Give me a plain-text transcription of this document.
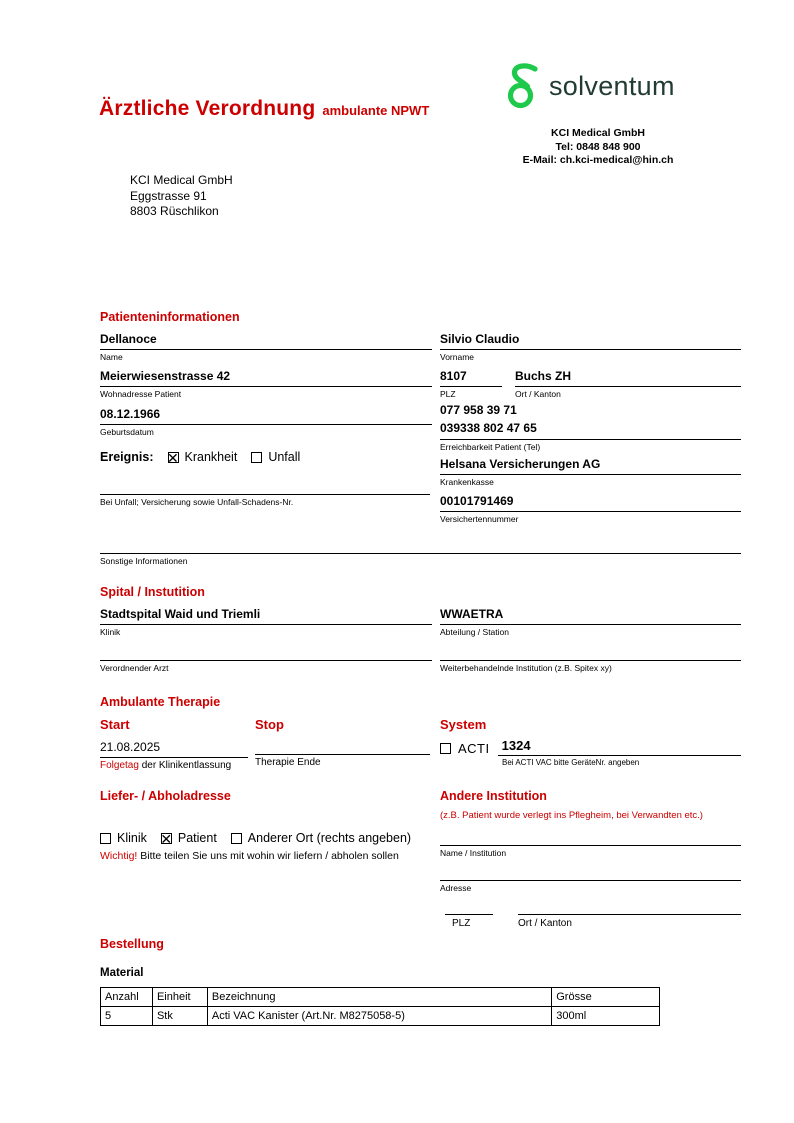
Ärztliche Verordnung ambulante NPWT
solventum
KCI Medical GmbH
Tel: 0848 848 900
E-Mail: ch.kci-medical@hin.ch
KCI Medical GmbH
Eggstrasse 91
8803 Rüschlikon
Patienteninformationen
Dellanoce
Name
Silvio Claudio
Vorname
Meierwiesenstrasse 42
Wohnadresse Patient
8107
PLZ
Buchs ZH
Ort / Kanton
08.12.1966
Geburtsdatum
077 958 39 71
039338 802 47 65
Erreichbarkeit Patient (Tel)
Ereignis: ✕ Krankheit Unfall	Helsana Versicherungen AG
Krankenkasse
Bei Unfall; Versicherung sowie Unfall-Schadens-Nr.	00101791469
Versichertennummer
Sonstige Informationen
Spital / Instutition
Stadtspital Waid und Triemli
Klinik
WWAETRA
Abteilung / Station
Verordnender Arzt	Weiterbehandelnde Institution (z.B. Spitex xy)
Ambulante Therapie
Start	Stop	System
21.08.2025
Folgetag der Klinikentlassung	Therapie Ende
ACTI 1324
Bei ACTI VAC bitte GeräteNr. angeben
Liefer- / Abholadresse
Klinik ✕ Patient Anderer Ort (rechts angeben)
Wichtig! Bitte teilen Sie uns mit wohin wir liefern / abholen sollen
Andere Institution
(z.B. Patient wurde verlegt ins Pflegheim, bei Verwandten etc.)
Name / Institution
Adresse
PLZ	Ort / Kanton
Bestellung
Material
Anzahl	Einheit	Bezeichnung	Grösse
5	Stk	Acti VAC Kanister (Art.Nr. M8275058-5)	300ml
